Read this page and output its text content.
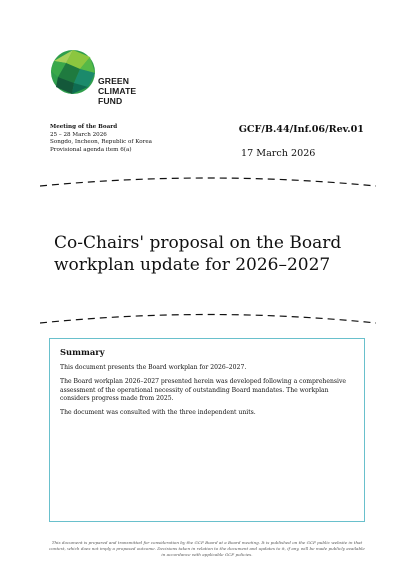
GREEN
CLIMATE
FUND
Meeting of the Board
25 – 28 March 2026
Songdo, Incheon, Republic of Korea
Provisional agenda item 6(a)
GCF/B.44/Inf.06/Rev.01
17 March 2026
Co-Chairs' proposal on the Board
workplan update for 2026–2027
Summary

This document presents the Board workplan for 2026–2027.

The Board workplan 2026–2027 presented herein was developed following a comprehensive assessment of the operational necessity of outstanding Board mandates. The workplan considers progress made from 2025.

The document was consulted with the three independent units.

This document is prepared and transmitted for consideration by the GCF Board at a Board meeting. It is published on the GCF public website in that context, which does not imply a proposed outcome. Decisions taken in relation to the document and updates to it, if any, will be made publicly available in accordance with applicable GCF policies.
